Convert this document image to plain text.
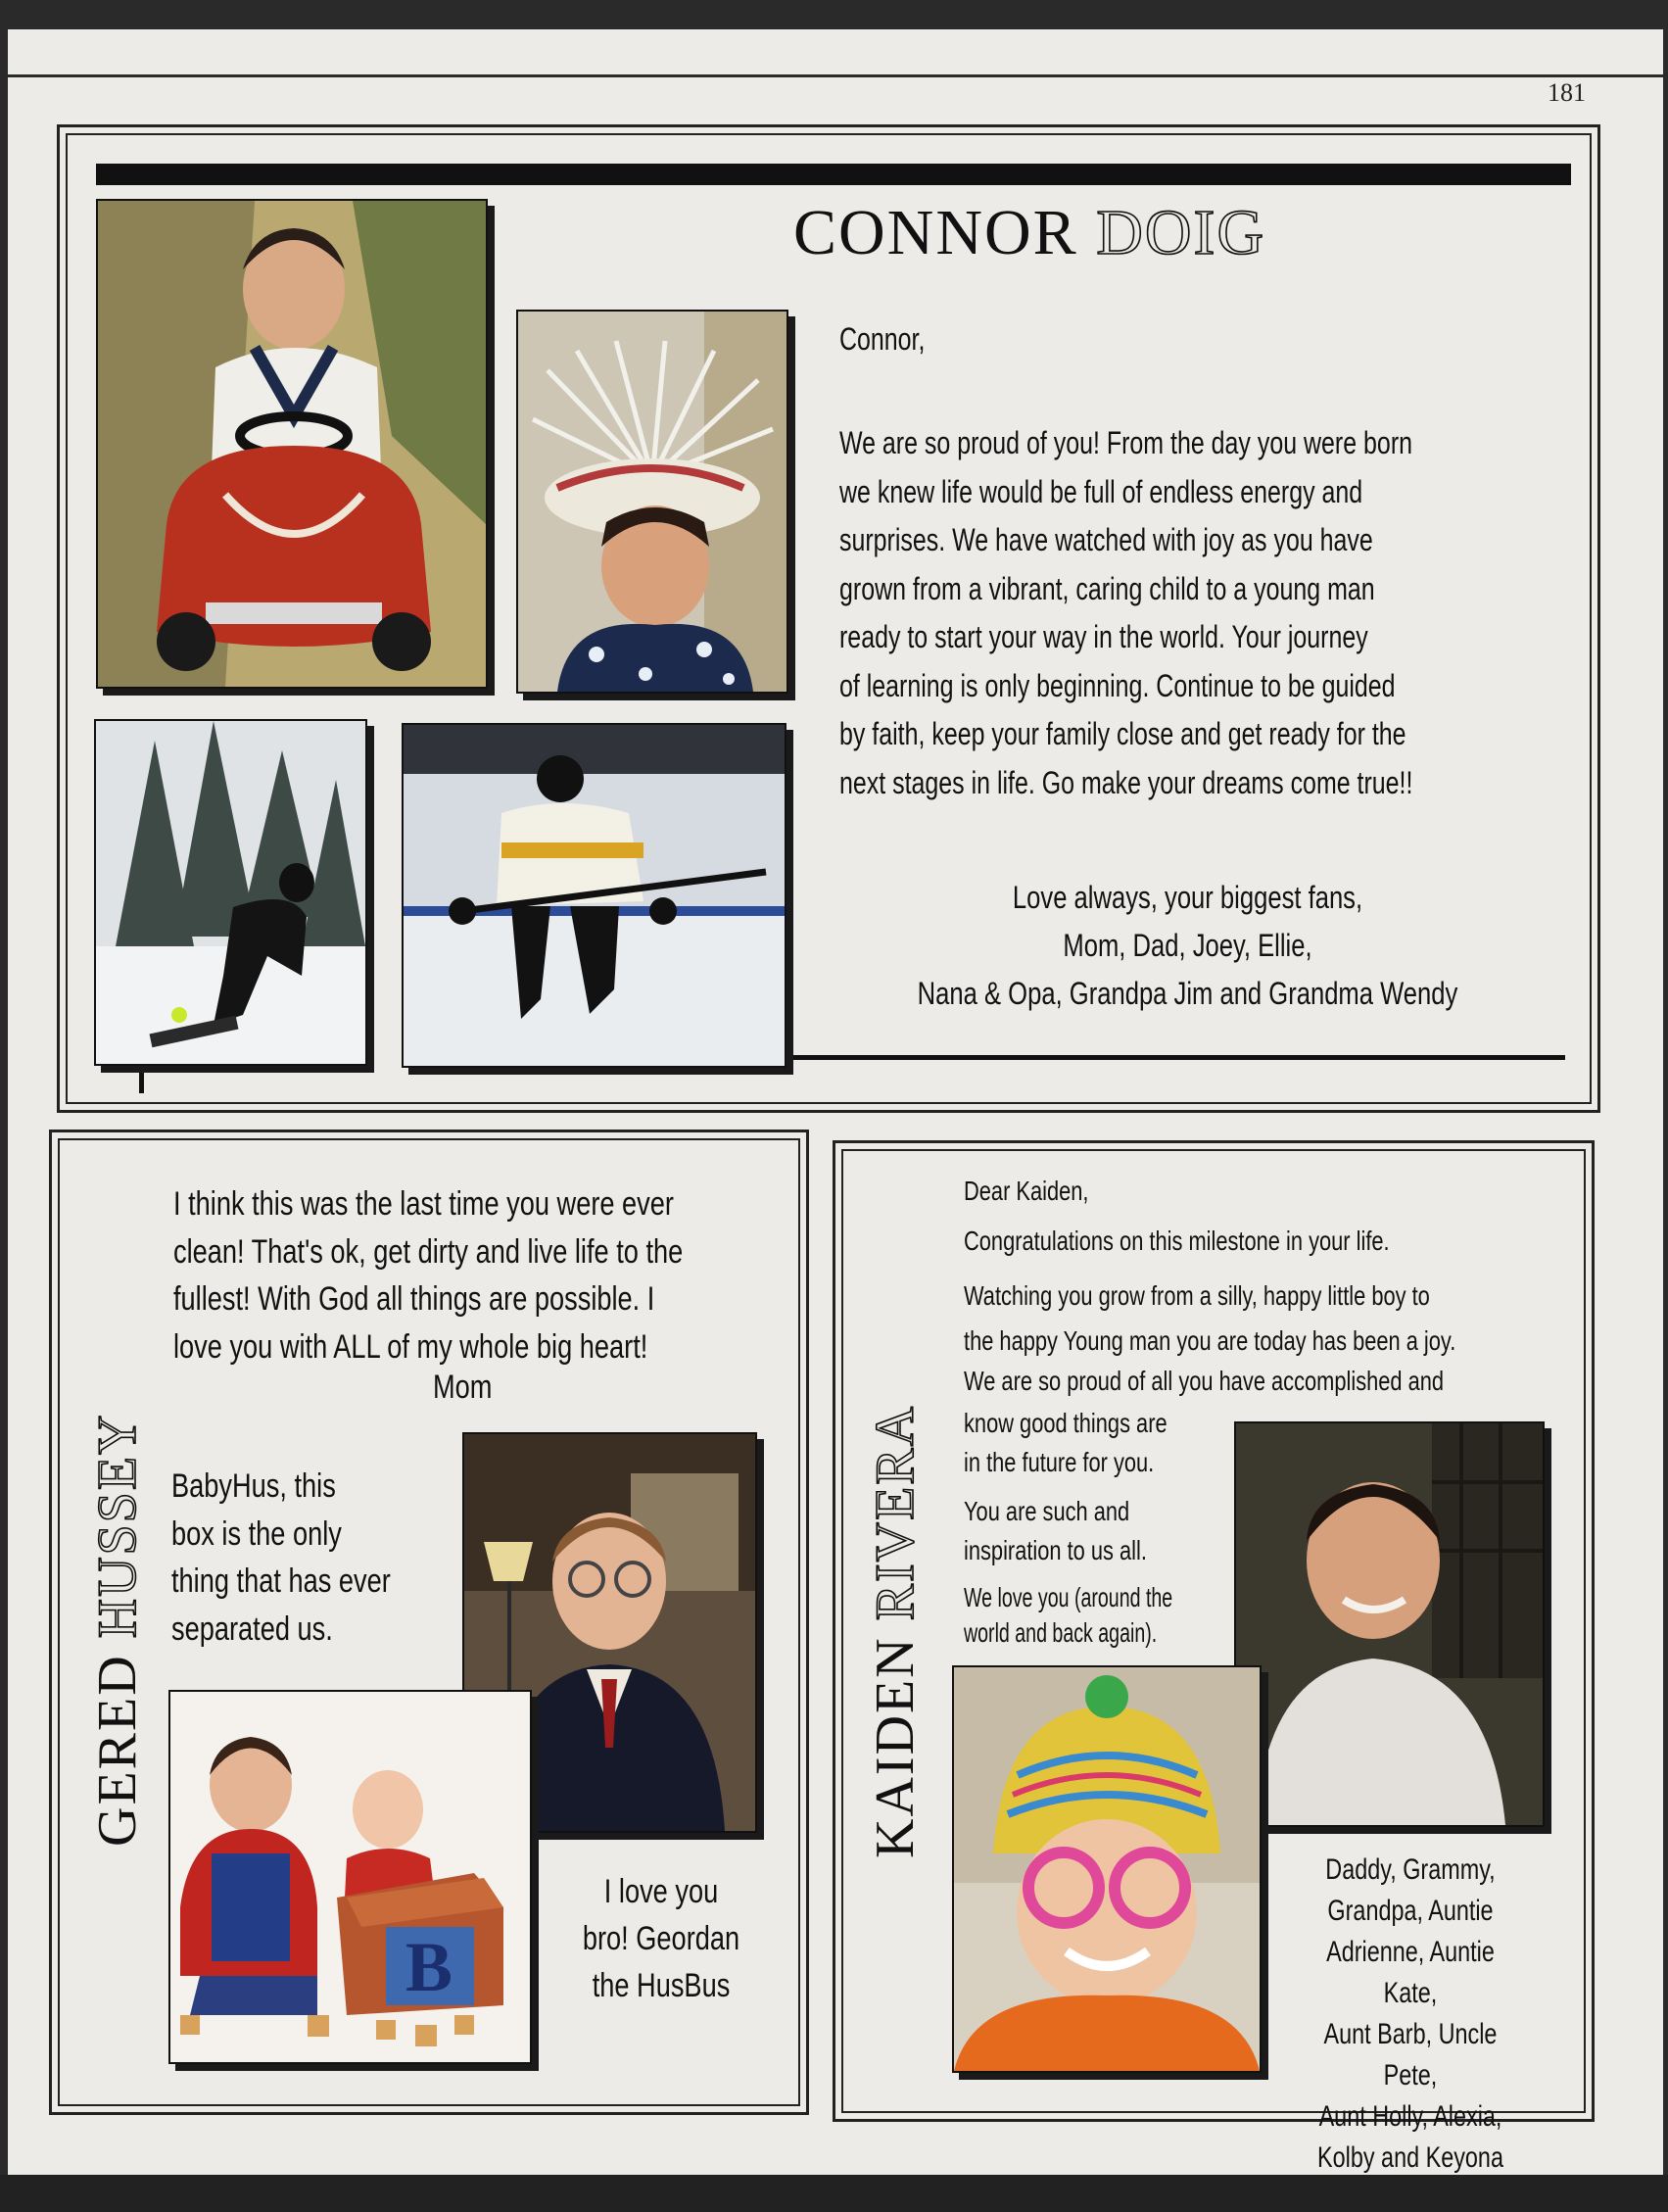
181
CONNOR DOIG
Connor,
We are so proud of you! From the day you were born
we knew life would be full of endless energy and
surprises. We have watched with joy as you have
grown from a vibrant, caring child to a young man
ready to start your way in the world. Your journey
of learning is only beginning. Continue to be guided
by faith, keep your family close and get ready for the
next stages in life. Go make your dreams come true!!
Love always, your biggest fans,
Mom, Dad, Joey, Ellie,
Nana & Opa, Grandpa Jim and Grandma Wendy
GERED HUSSEY
I think this was the last time you were ever
clean! That's ok, get dirty and live life to the
fullest! With God all things are possible. I
love you with ALL of my whole big heart!
Mom
BabyHus, this
box is the only
thing that has ever
separated us.
I love you
bro! Geordan
the HusBus
B
KAIDEN RIVERA
Dear Kaiden,
Congratulations on this milestone in your life.
Watching you grow from a silly, happy little boy to
the happy Young man you are today has been a joy.
We are so proud of all you have accomplished and
know good things are
in the future for you.
You are such and
inspiration to us all.
We love you (around the
world and back again).
Daddy, Grammy,
Grandpa, Auntie
Adrienne, Auntie Kate,
Aunt Barb, Uncle Pete,
Aunt Holly, Alexia,
Kolby and Keyona
